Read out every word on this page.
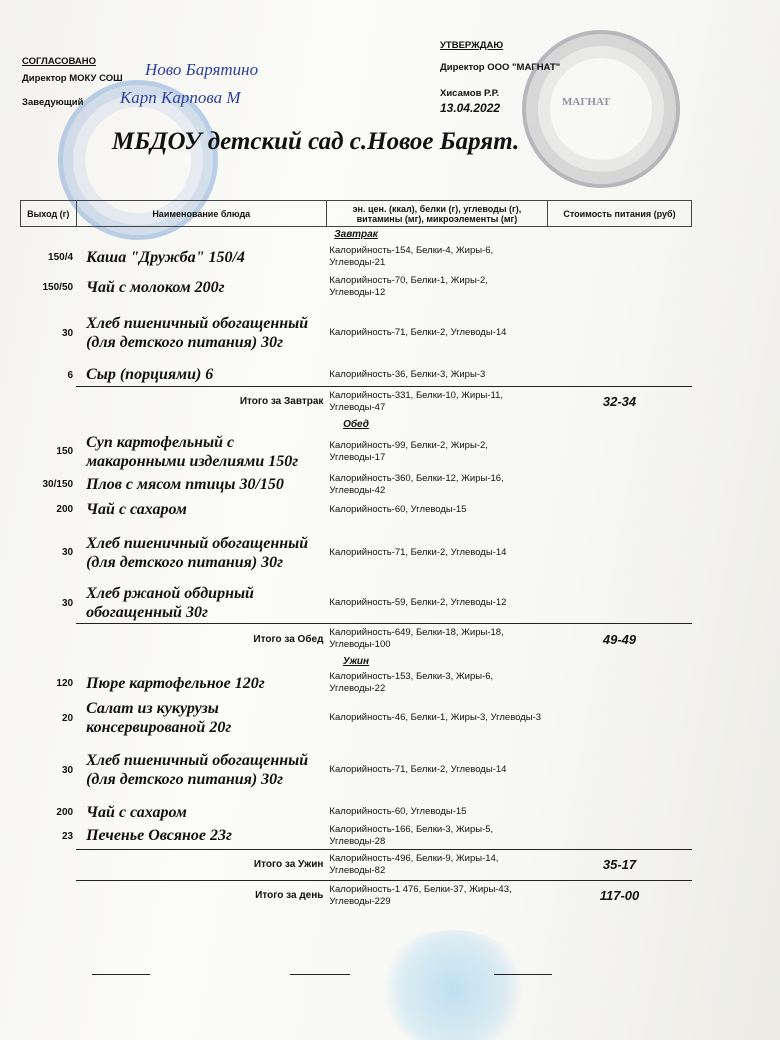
МАГНАТ
СОГЛАСОВАНО
Директор МОКУ СОШ
Заведующий
Ново Барятино
Карп Карпова М
УТВЕРЖДАЮ
Директор ООО "МАГНАТ"
Хисамов Р.Р.
13.04.2022
МБДОУ детский сад с.Новое Барят.
Выход (г)	Наименование блюда	эн. цен. (ккал), белки (г), углеводы (г), витамины (мг), микроэлементы (мг)	Стоимость питания (руб)
Завтрак			
150/4	Каша "Дружба" 150/4	Калорийность-154, Белки-4, Жиры-6, Углеводы-21	
150/50	Чай с молоком 200г	Калорийность-70, Белки-1, Жиры-2, Углеводы-12	
30	Хлеб пшеничный обогащенный (для детского питания) 30г	Калорийность-71, Белки-2, Углеводы-14	
6	Сыр (порциями) 6	Калорийность-36, Белки-3, Жиры-3	
	Итого за Завтрак	Калорийность-331, Белки-10, Жиры-11, Углеводы-47	32-34
Обед			
150	Суп картофельный с макаронными изделиями 150г	Калорийность-99, Белки-2, Жиры-2, Углеводы-17	
30/150	Плов с мясом птицы 30/150	Калорийность-360, Белки-12, Жиры-16, Углеводы-42	
200	Чай с сахаром	Калорийность-60, Углеводы-15	
30	Хлеб пшеничный обогащенный (для детского питания) 30г	Калорийность-71, Белки-2, Углеводы-14	
30	Хлеб ржаной обдирный обогащенный 30г	Калорийность-59, Белки-2, Углеводы-12	
	Итого за Обед	Калорийность-649, Белки-18, Жиры-18, Углеводы-100	49-49
Ужин			
120	Пюре картофельное 120г	Калорийность-153, Белки-3, Жиры-6, Углеводы-22	
20	Салат из кукурузы консервированой 20г	Калорийность-46, Белки-1, Жиры-3, Углеводы-3	
30	Хлеб пшеничный обогащенный (для детского питания) 30г	Калорийность-71, Белки-2, Углеводы-14	
200	Чай с сахаром	Калорийность-60, Углеводы-15	
23	Печенье Овсяное 23г	Калорийность-166, Белки-3, Жиры-5, Углеводы-28	
	Итого за Ужин	Калорийность-496, Белки-9, Жиры-14, Углеводы-82	35-17
	Итого за день	Калорийность-1 476, Белки-37, Жиры-43, Углеводы-229	117-00
